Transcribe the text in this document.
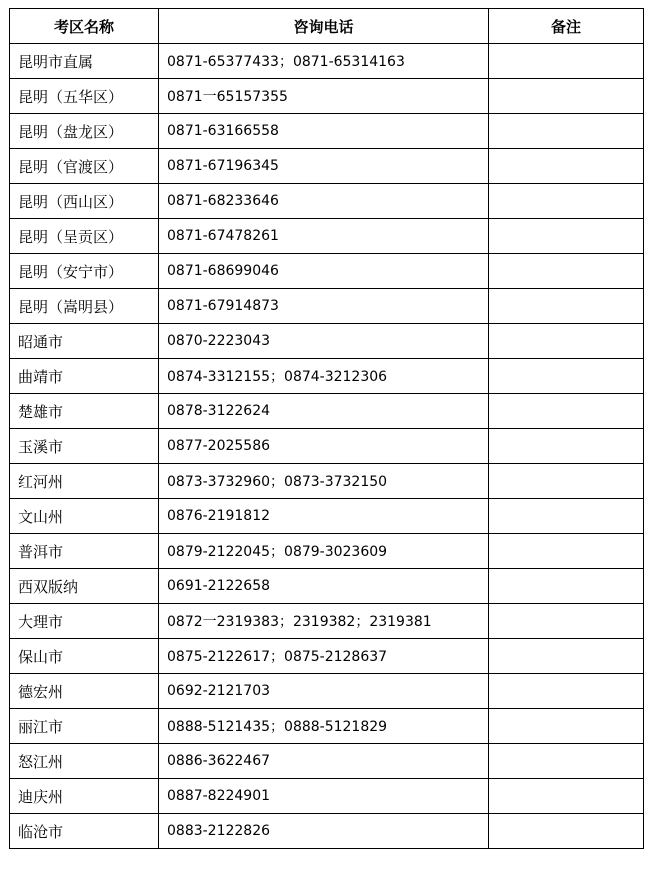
考区名称	咨询电话	备注
昆明市直属	0871-65377433；0871-65314163	
昆明（五华区）	0871一65157355	
昆明（盘龙区）	0871-63166558	
昆明（官渡区）	0871-67196345	
昆明（西山区）	0871-68233646	
昆明（呈贡区）	0871-67478261	
昆明（安宁市）	0871-68699046	
昆明（嵩明县）	0871-67914873	
昭通市	0870-2223043	
曲靖市	0874-3312155；0874-3212306	
楚雄市	0878-3122624	
玉溪市	0877-2025586	
红河州	0873-3732960；0873-3732150	
文山州	0876-2191812	
普洱市	0879-2122045；0879-3023609	
西双版纳	0691-2122658	
大理市	0872一2319383；2319382；2319381	
保山市	0875-2122617；0875-2128637	
德宏州	0692-2121703	
丽江市	0888-5121435；0888-5121829	
怒江州	0886-3622467	
迪庆州	0887-8224901	
临沧市	0883-2122826	
